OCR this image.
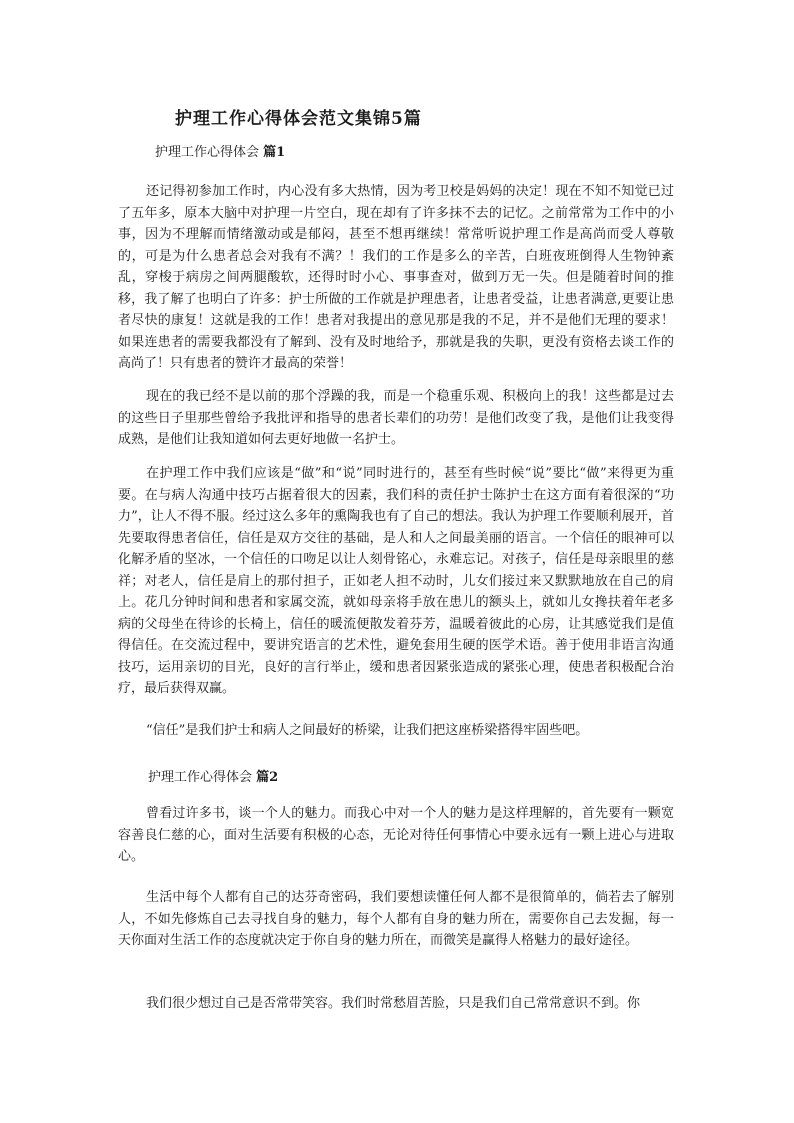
护理工作心得体会范文集锦5篇

护理工作心得体会 篇1

还记得初参加工作时，内心没有多大热情，因为考卫校是妈妈的决定！现在不知不知觉已过了五年多，原本大脑中对护理一片空白，现在却有了许多抹不去的记忆。之前常常为工作中的小事，因为不理解而情绪激动或是郁闷，甚至不想再继续！常常听说护理工作是高尚而受人尊敬的，可是为什么患者总会对我有不满？！我们的工作是多么的辛苦，白班夜班倒得人生物钟紊乱，穿梭于病房之间两腿酸软，还得时时小心、事事查对，做到万无一失。但是随着时间的推移，我了解了也明白了许多：护士所做的工作就是护理患者，让患者受益，让患者满意,更要让患者尽快的康复！这就是我的工作！患者对我提出的意见那是我的不足，并不是他们无理的要求！如果连患者的需要我都没有了解到、没有及时地给予，那就是我的失职，更没有资格去谈工作的高尚了！只有患者的赞许才最高的荣誉！

现在的我已经不是以前的那个浮躁的我，而是一个稳重乐观、积极向上的我！这些都是过去的这些日子里那些曾给予我批评和指导的患者长辈们的功劳！是他们改变了我，是他们让我变得成熟，是他们让我知道如何去更好地做一名护士。

在护理工作中我们应该是“做”和“说”同时进行的，甚至有些时候“说”要比“做”来得更为重要。在与病人沟通中技巧占据着很大的因素，我们科的责任护士陈护士在这方面有着很深的“功力”，让人不得不服。经过这么多年的熏陶我也有了自己的想法。我认为护理工作要顺利展开，首先要取得患者信任，信任是双方交往的基础，是人和人之间最美丽的语言。一个信任的眼神可以化解矛盾的坚冰，一个信任的口吻足以让人刻骨铭心，永难忘记。对孩子，信任是母亲眼里的慈祥；对老人，信任是肩上的那付担子，正如老人担不动时，儿女们接过来又默默地放在自己的肩上。花几分钟时间和患者和家属交流，就如母亲将手放在患儿的额头上，就如儿女搀扶着年老多病的父母坐在待诊的长椅上，信任的暖流便散发着芬芳，温暖着彼此的心房，让其感觉我们是值得信任。在交流过程中，要讲究语言的艺术性，避免套用生硬的医学术语。善于使用非语言沟通技巧，运用亲切的目光，良好的言行举止，缓和患者因紧张造成的紧张心理，使患者积极配合治疗，最后获得双赢。

“信任”是我们护士和病人之间最好的桥梁，让我们把这座桥梁搭得牢固些吧。

护理工作心得体会 篇2

曾看过许多书，谈一个人的魅力。而我心中对一个人的魅力是这样理解的，首先要有一颗宽容善良仁慈的心，面对生活要有积极的心态，无论对待任何事情心中要永远有一颗上进心与进取心。

生活中每个人都有自己的达芬奇密码，我们要想读懂任何人都不是很简单的，倘若去了解别人，不如先修炼自己去寻找自身的魅力，每个人都有自身的魅力所在，需要你自己去发掘，每一天你面对生活工作的态度就决定于你自身的魅力所在，而微笑是赢得人格魅力的最好途径。

我们很少想过自己是否常带笑容。我们时常愁眉苦脸，只是我们自己常常意识不到。你
